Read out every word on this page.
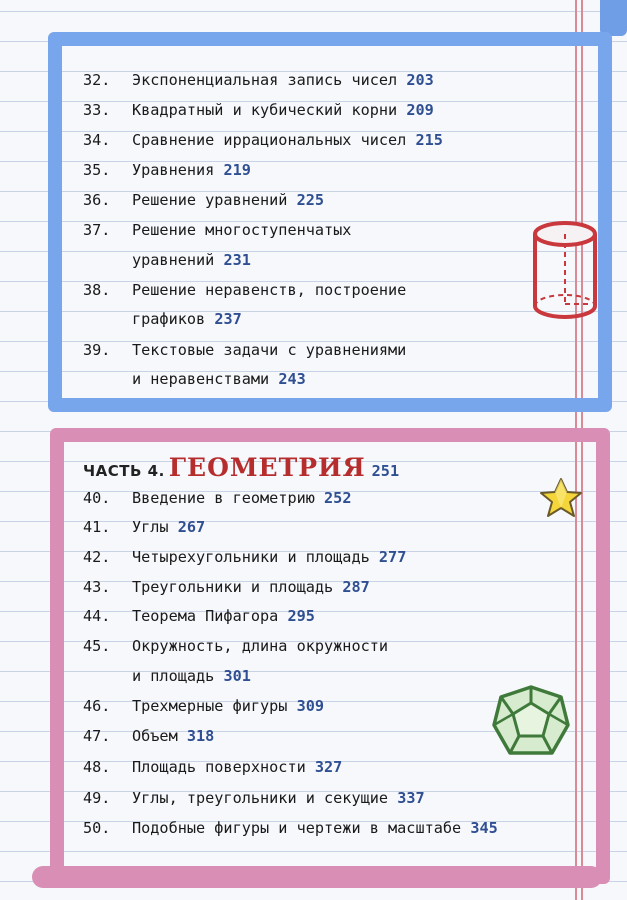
32. Экспоненциальная запись чисел 203
33. Квадратный и кубический корни 209
34. Сравнение иррациональных чисел 215
35. Уравнения 219
36. Решение уравнений 225
37. Решение многоступенчатых
уравнений 231
38. Решение неравенств, построение
графиков 237
39. Текстовые задачи с уравнениями
и неравенствами 243
ЧАСТЬ 4. ГЕОМЕТРИЯ 251
40. Введение в геометрию 252
41. Углы 267
42. Четырехугольники и площадь 277
43. Треугольники и площадь 287
44. Теорема Пифагора 295
45. Окружность, длина окружности
и площадь 301
46. Трехмерные фигуры 309
47. Объем 318
48. Площадь поверхности 327
49. Углы, треугольники и секущие 337
50. Подобные фигуры и чертежи в масштабе 345
